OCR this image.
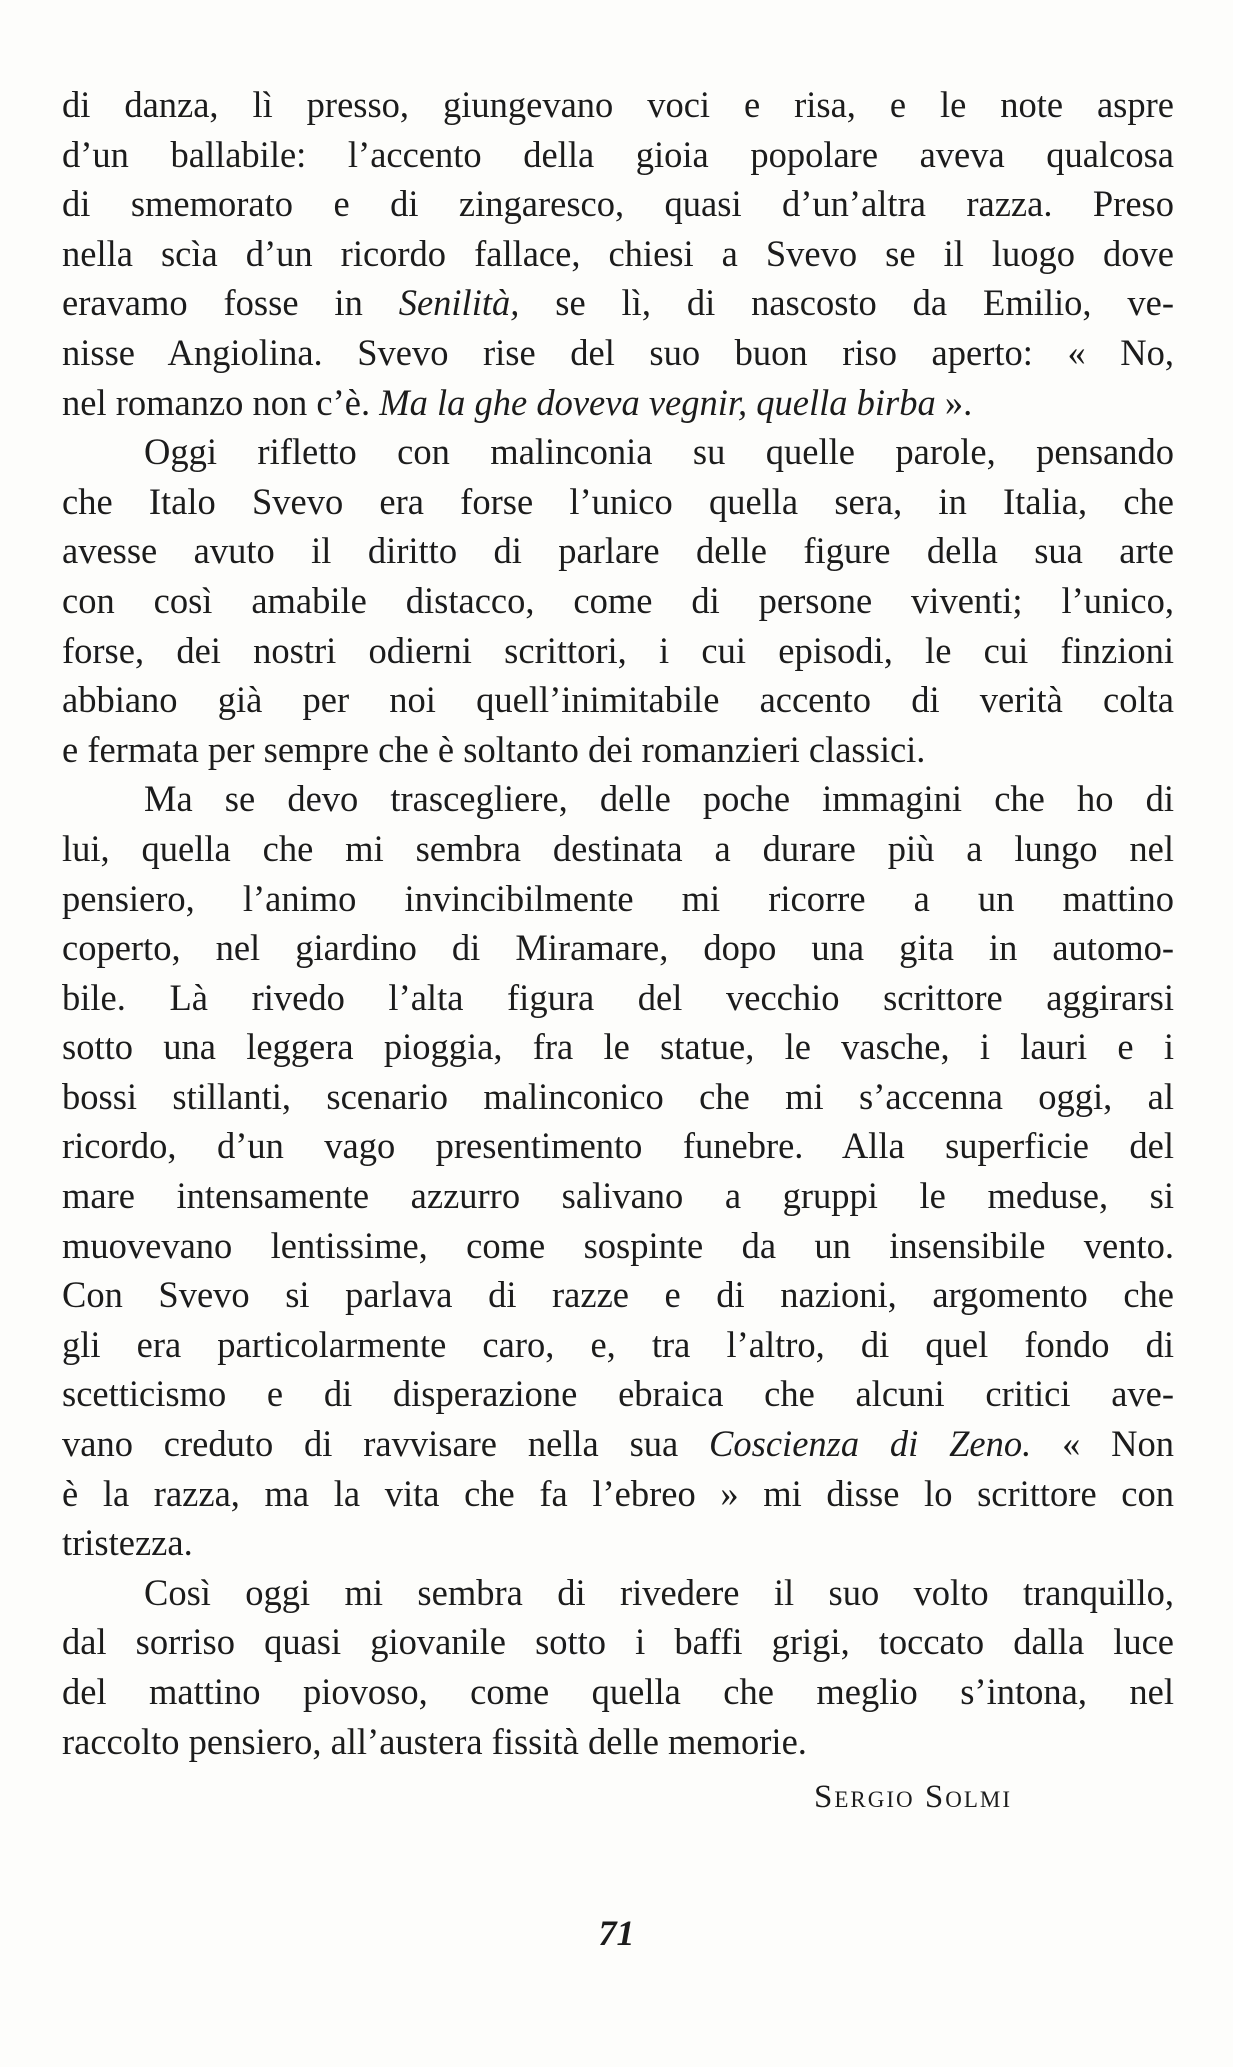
di danza, lì presso, giungevano voci e risa, e le note aspre
d’un ballabile: l’accento della gioia popolare aveva qualcosa
di smemorato e di zingaresco, quasi d’un’altra razza. Preso
nella scìa d’un ricordo fallace, chiesi a Svevo se il luogo dove
eravamo fosse in Senilità, se lì, di nascosto da Emilio, ve-
nisse Angiolina. Svevo rise del suo buon riso aperto: « No,
nel romanzo non c’è. Ma la ghe doveva vegnir, quella birba ».
Oggi rifletto con malinconia su quelle parole, pensando
che Italo Svevo era forse l’unico quella sera, in Italia, che
avesse avuto il diritto di parlare delle figure della sua arte
con così amabile distacco, come di persone viventi; l’unico,
forse, dei nostri odierni scrittori, i cui episodi, le cui finzioni
abbiano già per noi quell’inimitabile accento di verità colta
e fermata per sempre che è soltanto dei romanzieri classici.
Ma se devo trascegliere, delle poche immagini che ho di
lui, quella che mi sembra destinata a durare più a lungo nel
pensiero, l’animo invincibilmente mi ricorre a un mattino
coperto, nel giardino di Miramare, dopo una gita in automo-
bile. Là rivedo l’alta figura del vecchio scrittore aggirarsi
sotto una leggera pioggia, fra le statue, le vasche, i lauri e i
bossi stillanti, scenario malinconico che mi s’accenna oggi, al
ricordo, d’un vago presentimento funebre. Alla superficie del
mare intensamente azzurro salivano a gruppi le meduse, si
muovevano lentissime, come sospinte da un insensibile vento.
Con Svevo si parlava di razze e di nazioni, argomento che
gli era particolarmente caro, e, tra l’altro, di quel fondo di
scetticismo e di disperazione ebraica che alcuni critici ave-
vano creduto di ravvisare nella sua Coscienza di Zeno. « Non
è la razza, ma la vita che fa l’ebreo » mi disse lo scrittore con
tristezza.
Così oggi mi sembra di rivedere il suo volto tranquillo,
dal sorriso quasi giovanile sotto i baffi grigi, toccato dalla luce
del mattino piovoso, come quella che meglio s’intona, nel
raccolto pensiero, all’austera fissità delle memorie.
Sergio Solmi
71
